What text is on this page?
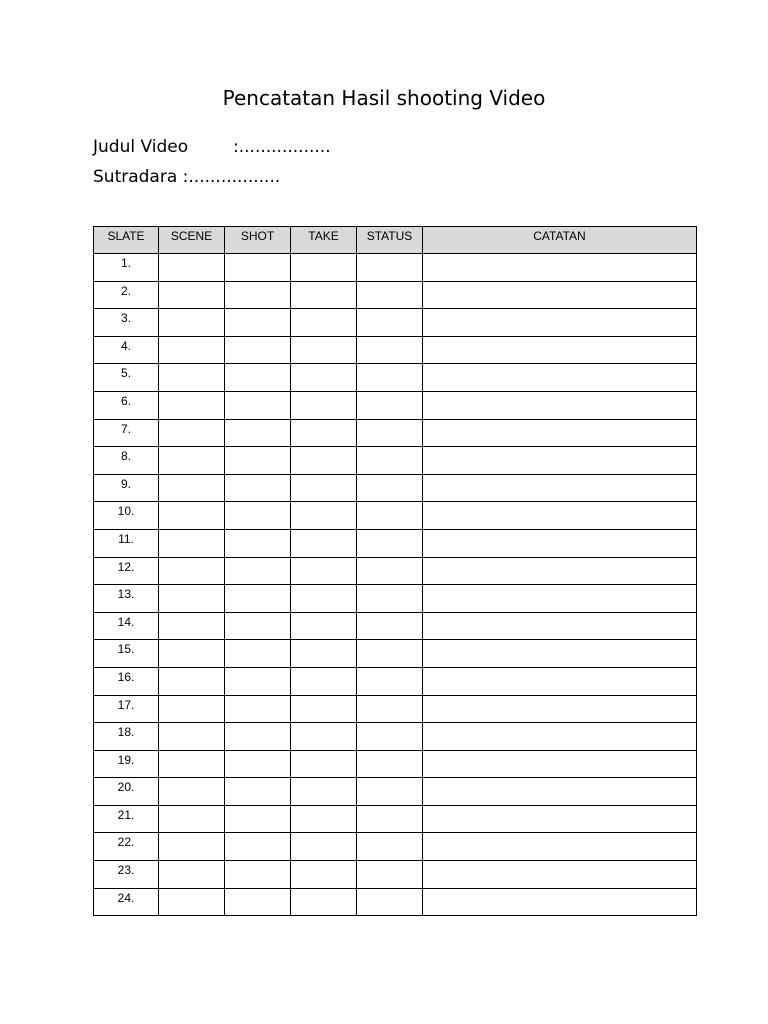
Pencatatan Hasil shooting Video
Judul Video	:.................
Sutradara :.................
SLATE	SCENE	SHOT	TAKE	STATUS	CATATAN
1.					
2.					
3.					
4.					
5.					
6.					
7.					
8.					
9.					
10.					
11.					
12.					
13.					
14.					
15.					
16.					
17.					
18.					
19.					
20.					
21.					
22.					
23.					
24.					
